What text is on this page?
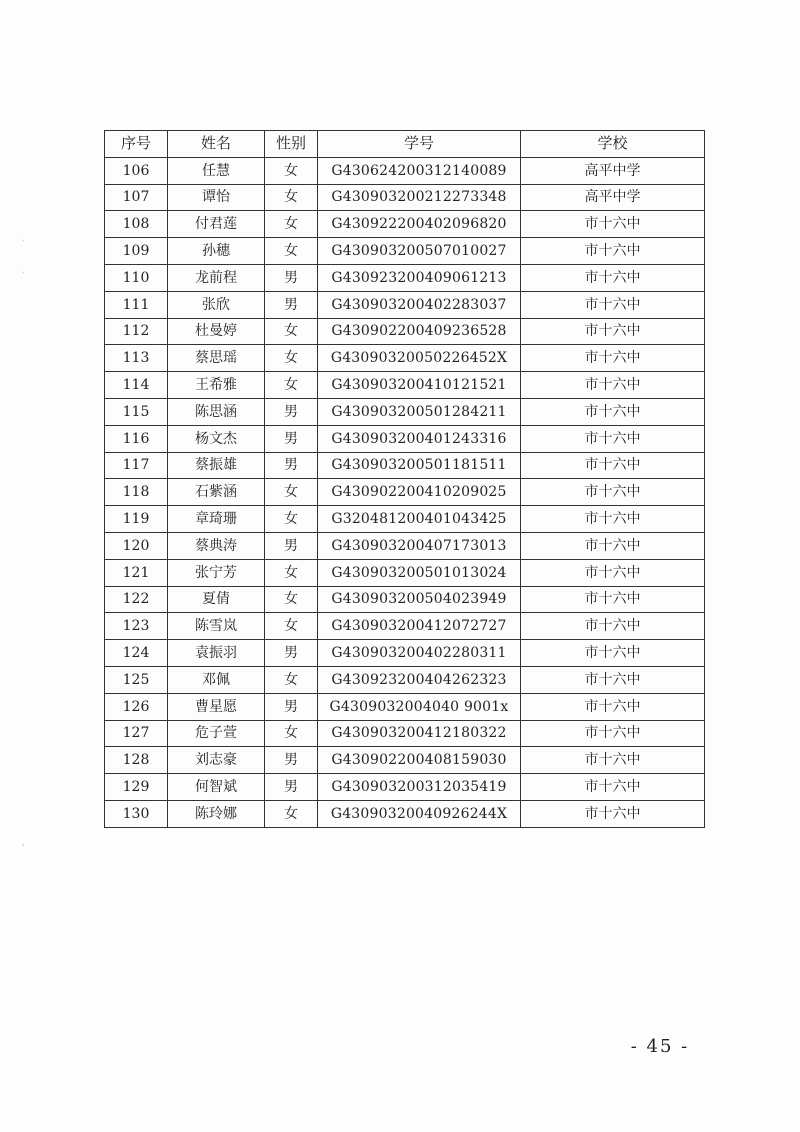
序号	姓名	性别	学号	学校
106	任慧	女	G430624200312140089	高平中学
107	谭怡	女	G430903200212273348	高平中学
108	付君莲	女	G430922200402096820	市十六中
109	孙穗	女	G430903200507010027	市十六中
110	龙前程	男	G430923200409061213	市十六中
111	张欣	男	G430903200402283037	市十六中
112	杜曼婷	女	G430902200409236528	市十六中
113	蔡思瑶	女	G43090320050226452X	市十六中
114	王希雅	女	G430903200410121521	市十六中
115	陈思涵	男	G430903200501284211	市十六中
116	杨文杰	男	G430903200401243316	市十六中
117	蔡振雄	男	G430903200501181511	市十六中
118	石紫涵	女	G430902200410209025	市十六中
119	章琦珊	女	G320481200401043425	市十六中
120	蔡典涛	男	G430903200407173013	市十六中
121	张宁芳	女	G430903200501013024	市十六中
122	夏倩	女	G430903200504023949	市十六中
123	陈雪岚	女	G430903200412072727	市十六中
124	袁振羽	男	G430903200402280311	市十六中
125	邓佩	女	G430923200404262323	市十六中
126	曹星愿	男	G4309032004040 9001x	市十六中
127	危子萱	女	G430903200412180322	市十六中
128	刘志豪	男	G430902200408159030	市十六中
129	何智斌	男	G430903200312035419	市十六中
130	陈玲娜	女	G43090320040926244X	市十六中
ˎ
ˏ
ˌ
- 45 -
